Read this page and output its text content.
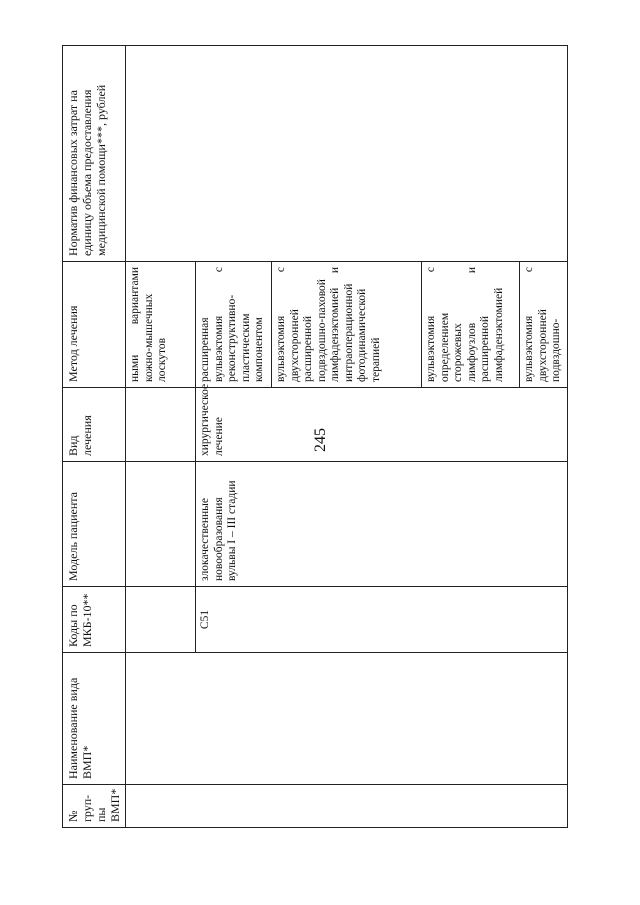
245
№ груп-пы ВМП*	Наименование вида ВМП*	Коды по МКБ-10**	Модель пациента	Вид лечения	Метод лечения	Норматив финансовых затрат на единицу объема предоставления медицинской помощи***, рублей

					ными вариантами кожно-мышечных лоскутов	

		C51	злокачественные новообразования вульвы I – III стадии	хирургическое лечение	расширенная вульвэктомия с реконструктивно-пластическим компонентом	

					вульвэктомия с двухсторонней расширенной подвздошно-паховой лимфаденэктомией и интраоперационной фотодинамической терапией	

					вульвэктомия с определением сторожевых лимфоузлов и расширенной лимфаденэктомией	

					вульвэктомия с двухсторонней подвздошно-	
